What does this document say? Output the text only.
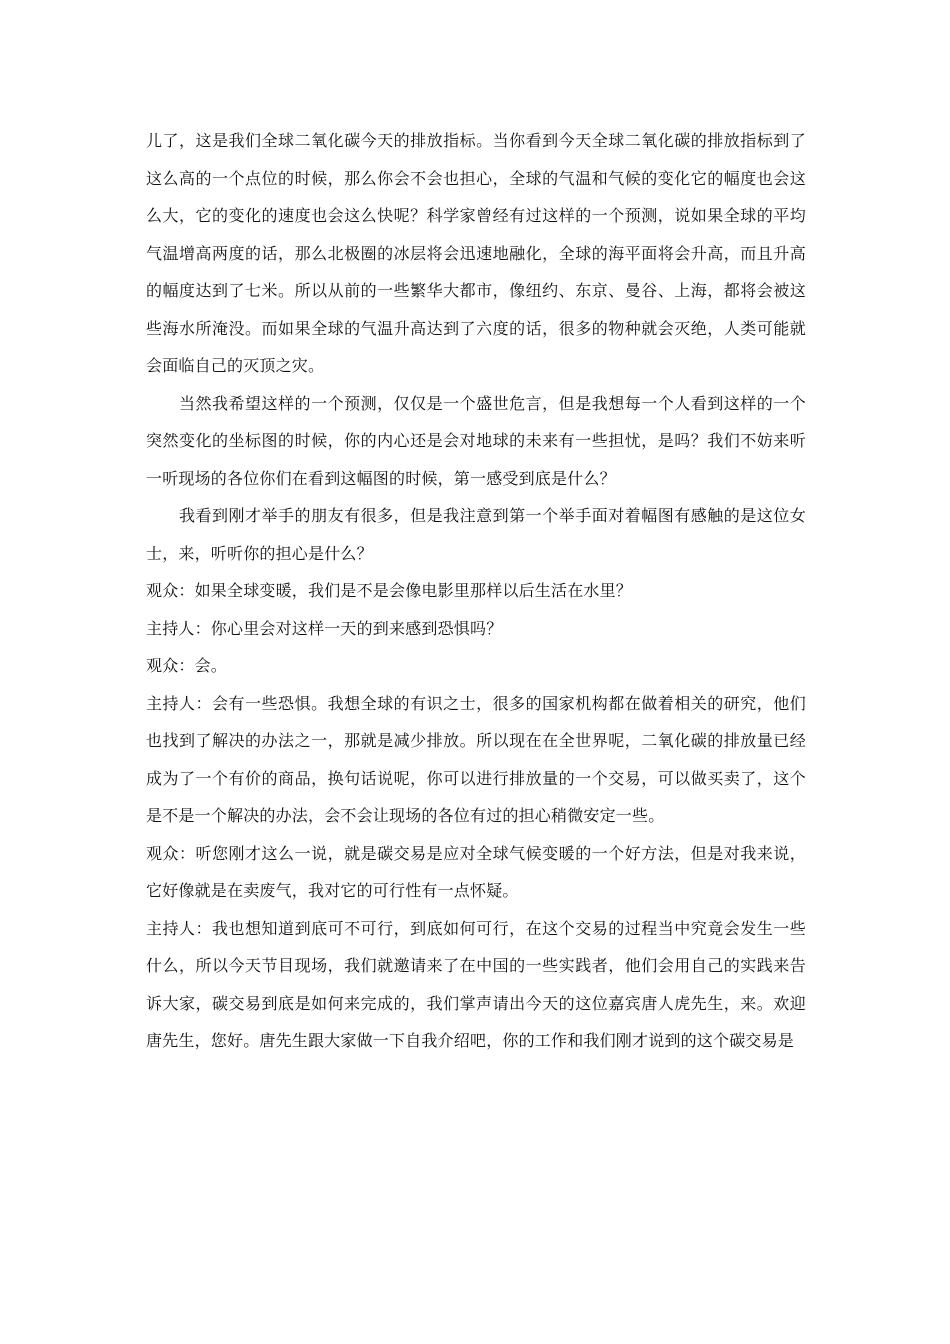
儿了，这是我们全球二氧化碳今天的排放指标。当你看到今天全球二氧化碳的排放指标到了
这么高的一个点位的时候，那么你会不会也担心，全球的气温和气候的变化它的幅度也会这
么大，它的变化的速度也会这么快呢？科学家曾经有过这样的一个预测，说如果全球的平均
气温增高两度的话，那么北极圈的冰层将会迅速地融化，全球的海平面将会升高，而且升高
的幅度达到了七米。所以从前的一些繁华大都市，像纽约、东京、曼谷、上海，都将会被这
些海水所淹没。而如果全球的气温升高达到了六度的话，很多的物种就会灭绝，人类可能就
会面临自己的灭顶之灾。
当然我希望这样的一个预测，仅仅是一个盛世危言，但是我想每一个人看到这样的一个
突然变化的坐标图的时候，你的内心还是会对地球的未来有一些担忧，是吗？我们不妨来听
一听现场的各位你们在看到这幅图的时候，第一感受到底是什么？
我看到刚才举手的朋友有很多，但是我注意到第一个举手面对着幅图有感触的是这位女
士，来，听听你的担心是什么？
观众：如果全球变暖，我们是不是会像电影里那样以后生活在水里？
主持人：你心里会对这样一天的到来感到恐惧吗？
观众：会。
主持人：会有一些恐惧。我想全球的有识之士，很多的国家机构都在做着相关的研究，他们
也找到了解决的办法之一，那就是减少排放。所以现在在全世界呢，二氧化碳的排放量已经
成为了一个有价的商品，换句话说呢，你可以进行排放量的一个交易，可以做买卖了，这个
是不是一个解决的办法，会不会让现场的各位有过的担心稍微安定一些。
观众：听您刚才这么一说，就是碳交易是应对全球气候变暖的一个好方法，但是对我来说，
它好像就是在卖废气，我对它的可行性有一点怀疑。
主持人：我也想知道到底可不可行，到底如何可行，在这个交易的过程当中究竟会发生一些
什么，所以今天节目现场，我们就邀请来了在中国的一些实践者，他们会用自己的实践来告
诉大家，碳交易到底是如何来完成的，我们掌声请出今天的这位嘉宾唐人虎先生，来。欢迎
唐先生，您好。唐先生跟大家做一下自我介绍吧，你的工作和我们刚才说到的这个碳交易是
